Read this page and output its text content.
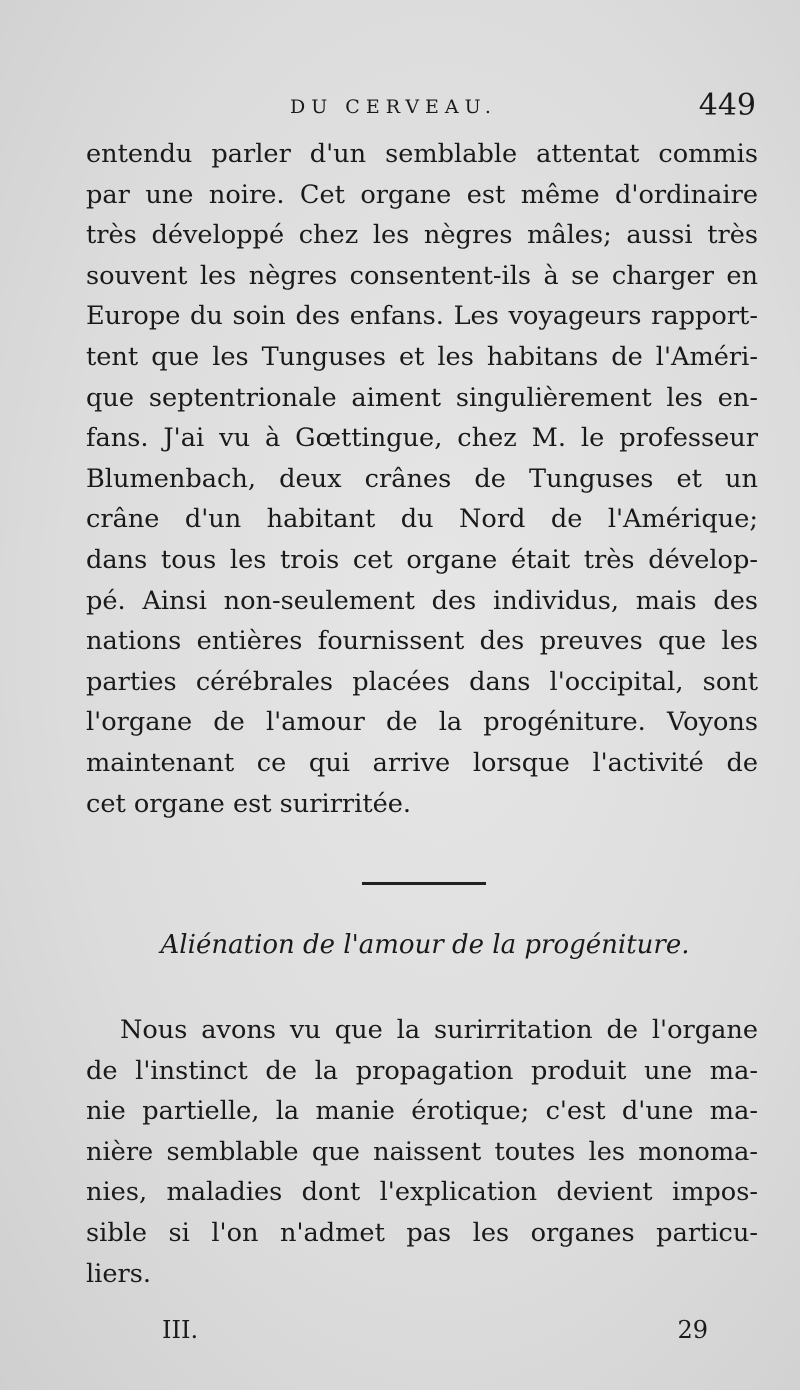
DU CERVEAU.	449
entendu parler d'un semblable attentat commis
par une noire. Cet organe est même d'ordinaire
très développé chez les nègres mâles; aussi très
souvent les nègres consentent-ils à se charger en
Europe du soin des enfans. Les voyageurs rapport-
tent que les Tunguses et les habitans de l'Améri-
que septentrionale aiment singulièrement les en-
fans. J'ai vu à Gœttingue, chez M. le professeur
Blumenbach, deux crânes de Tunguses et un
crâne d'un habitant du Nord de l'Amérique;
dans tous les trois cet organe était très dévelop-
pé. Ainsi non-seulement des individus, mais des
nations entières fournissent des preuves que les
parties cérébrales placées dans l'occipital, sont
l'organe de l'amour de la progéniture. Voyons
maintenant ce qui arrive lorsque l'activité de
cet organe est surirritée.
Aliénation de l'amour de la progéniture.
Nous avons vu que la surirritation de l'organe
de l'instinct de la propagation produit une ma-
nie partielle, la manie érotique; c'est d'une ma-
nière semblable que naissent toutes les monoma-
nies, maladies dont l'explication devient impos-
sible si l'on n'admet pas les organes particu-
liers.
III.	29
